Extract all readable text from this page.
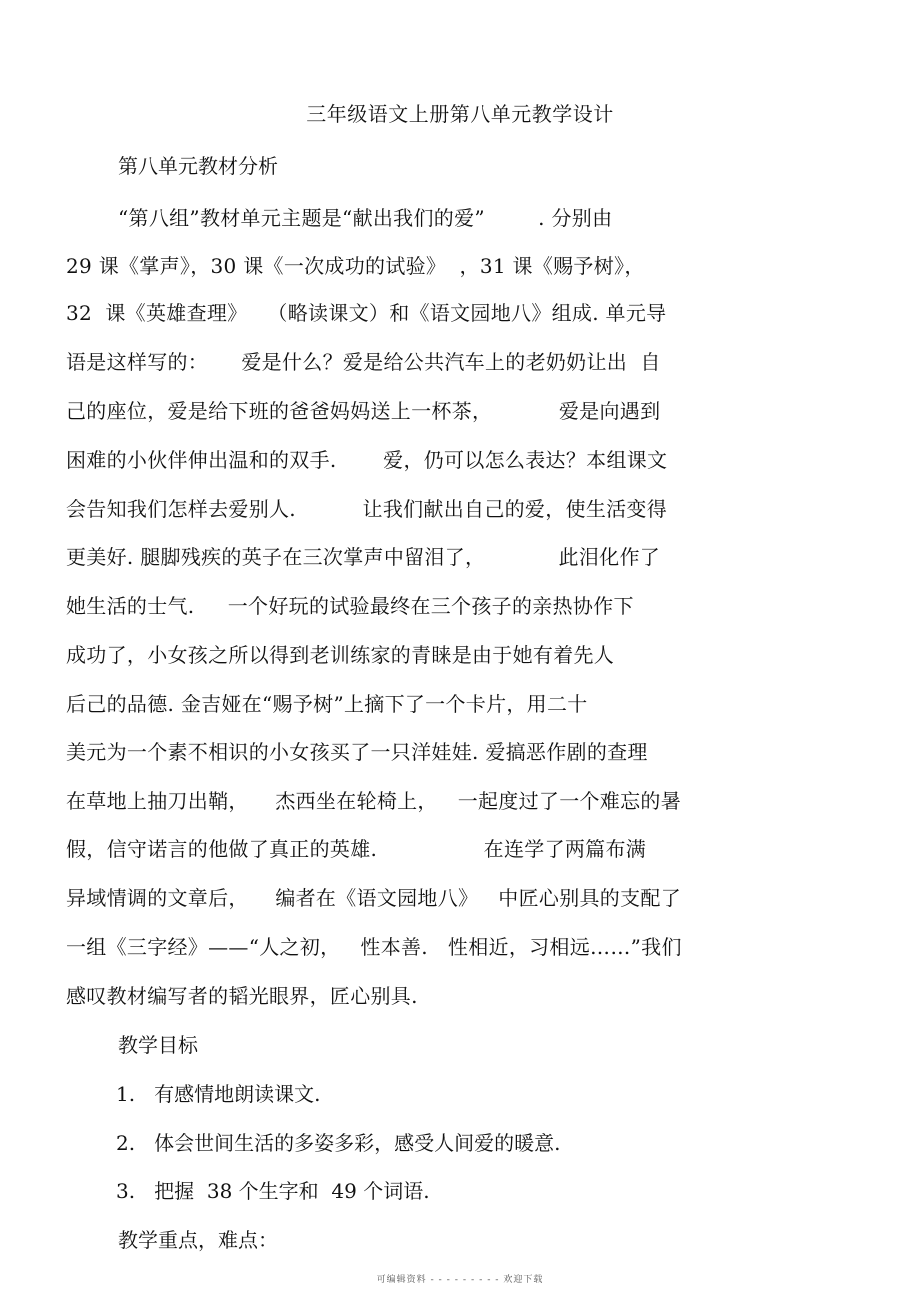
三年级语文上册第八单元教学设计
第八单元教材分析
“第八组”教材单元主题是“献出我们的爱”        . 分别由
29 课《掌声》，30 课《一次成功的试验》  ，31 课《赐予树》，
32  课《英雄查理》   （略读课文）和《语文园地八》组成. 单元导
语是这样写的：     爱是什么？爱是给公共汽车上的老奶奶让出  自
己的座位，爱是给下班的爸爸妈妈送上一杯茶，          爱是向遇到
困难的小伙伴伸出温和的双手.       爱，仍可以怎么表达？本组课文
会告知我们怎样去爱别人.          让我们献出自己的爱，使生活变得
更美好. 腿脚残疾的英子在三次掌声中留泪了，           此泪化作了
她生活的士气.     一个好玩的试验最终在三个孩子的亲热协作下
成功了，小女孩之所以得到老训练家的青睐是由于她有着先人
后己的品德. 金吉娅在“赐予树”上摘下了一个卡片，用二十
美元为一个素不相识的小女孩买了一只洋娃娃. 爱搞恶作剧的查理
在草地上抽刀出鞘，    杰西坐在轮椅上，   一起度过了一个难忘的暑
假，信守诺言的他做了真正的英雄.                在连学了两篇布满
异域情调的文章后，    编者在《语文园地八》   中匠心别具的支配了
一组《三字经》——“人之初，   性本善.   性相近，习相远……”我们
感叹教材编写者的韬光眼界，匠心别具.
教学目标
1.   有感情地朗读课文.
2.   体会世间生活的多姿多彩，感受人间爱的暖意.
3.   把握  38 个生字和  49 个词语.
教学重点，难点：
可编辑资料 - - - - - - - - - 欢迎下载
